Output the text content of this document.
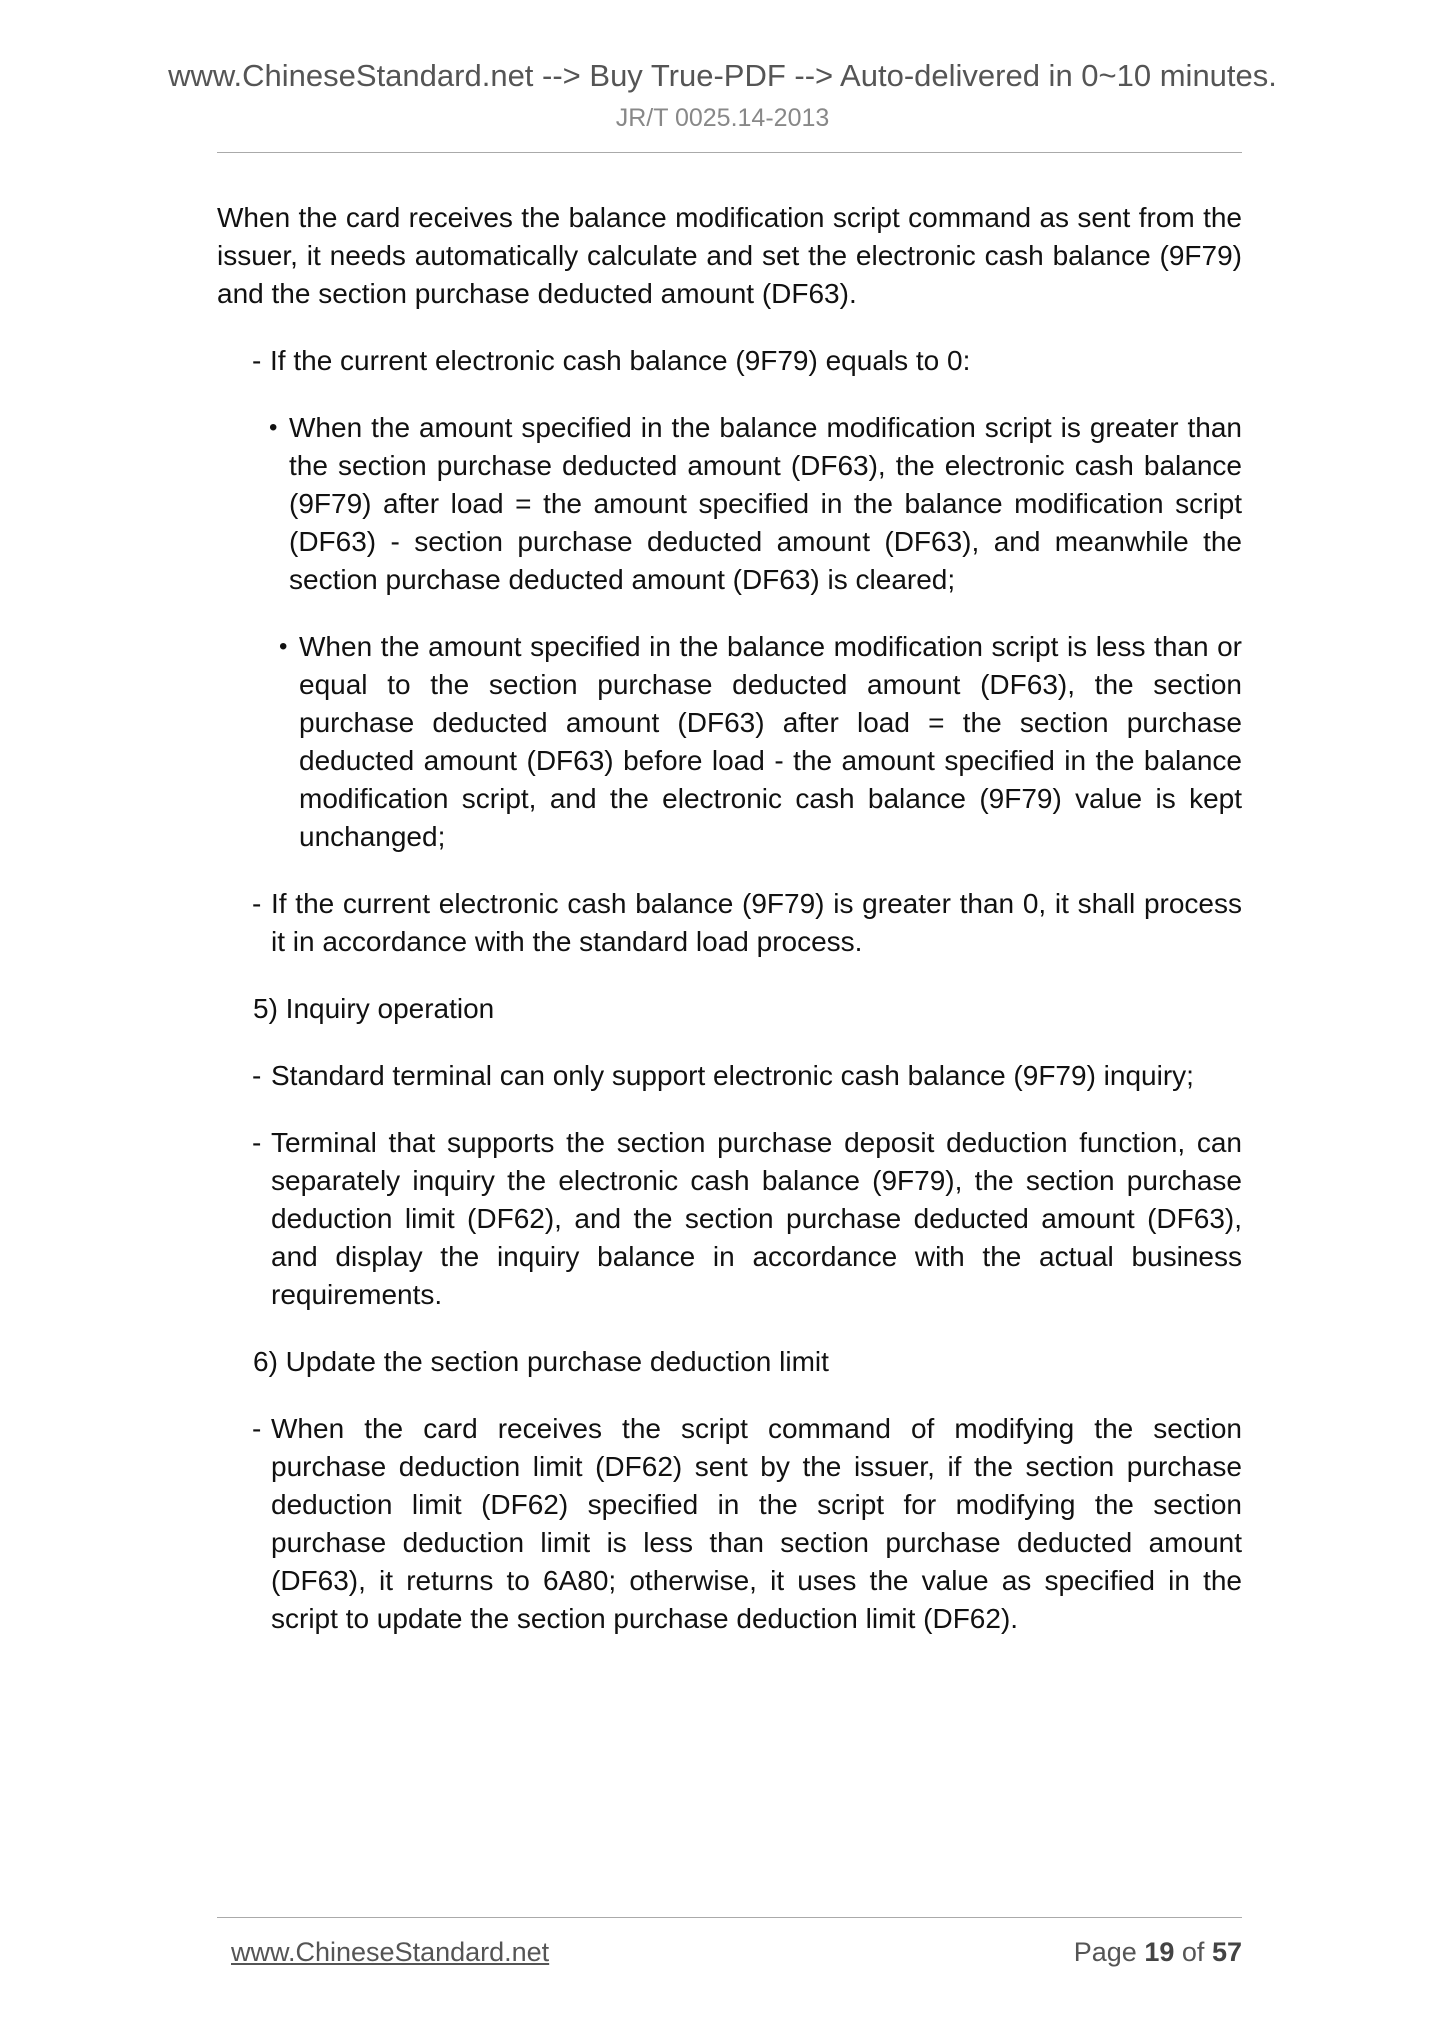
www.ChineseStandard.net --> Buy True-PDF --> Auto-delivered in 0~10 minutes.
JR/T 0025.14-2013

When the card receives the balance modification script command as sent from the issuer, it needs automatically calculate and set the electronic cash balance (9F79) and the section purchase deducted amount (DF63).

- If the current electronic cash balance (9F79) equals to 0:
• When the amount specified in the balance modification script is greater than the section purchase deducted amount (DF63), the electronic cash balance (9F79) after load = the amount specified in the balance modification script (DF63) - section purchase deducted amount (DF63), and meanwhile the section purchase deducted amount (DF63) is cleared;
• When the amount specified in the balance modification script is less than or equal to the section purchase deducted amount (DF63), the section purchase deducted amount (DF63) after load = the section purchase deducted amount (DF63) before load - the amount specified in the balance modification script, and the electronic cash balance (9F79) value is kept unchanged;
- If the current electronic cash balance (9F79) is greater than 0, it shall process it in accordance with the standard load process.
5) Inquiry operation
- Standard terminal can only support electronic cash balance (9F79) inquiry;
- Terminal that supports the section purchase deposit deduction function, can separately inquiry the electronic cash balance (9F79), the section purchase deduction limit (DF62), and the section purchase deducted amount (DF63), and display the inquiry balance in accordance with the actual business requirements.
6) Update the section purchase deduction limit
- When the card receives the script command of modifying the section purchase deduction limit (DF62) sent by the issuer, if the section purchase deduction limit (DF62) specified in the script for modifying the section purchase deduction limit is less than section purchase deducted amount (DF63), it returns to 6A80; otherwise, it uses the value as specified in the script to update the section purchase deduction limit (DF62).
www.ChineseStandard.net	Page 19 of 57
